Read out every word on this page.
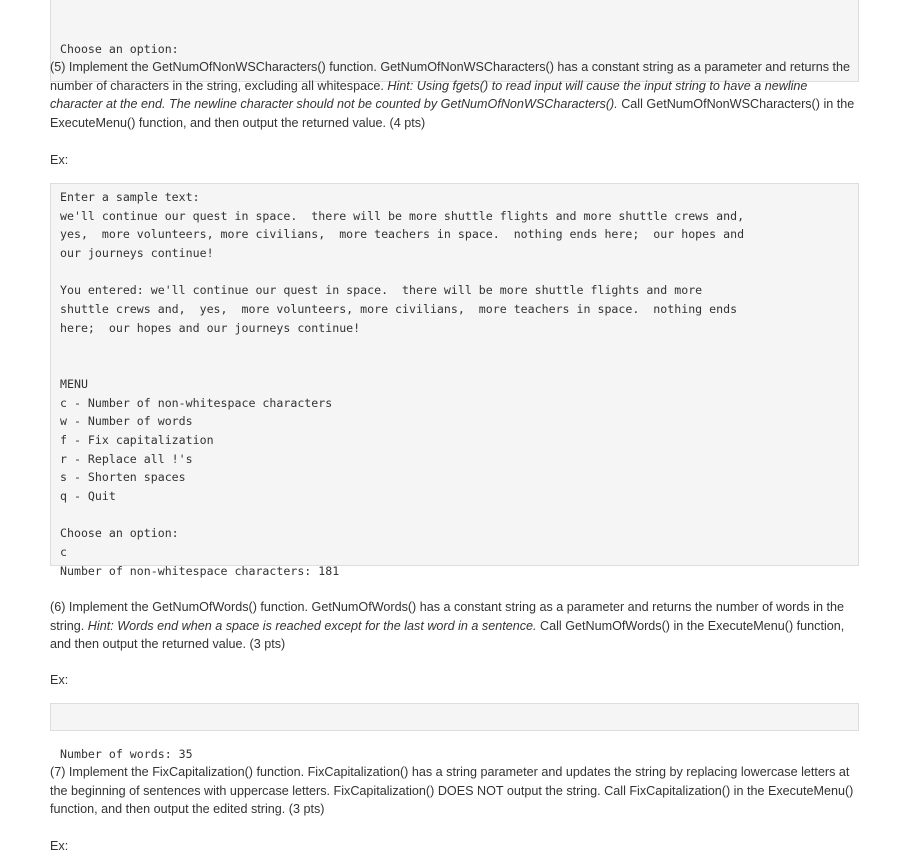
Choose an option:

(5) Implement the GetNumOfNonWSCharacters() function. GetNumOfNonWSCharacters() has a constant string as a parameter and returns the number of characters in the string, excluding all whitespace. Hint: Using fgets() to read input will cause the input string to have a newline character at the end. The newline character should not be counted by GetNumOfNonWSCharacters(). Call GetNumOfNonWSCharacters() in the ExecuteMenu() function, and then output the returned value. (4 pts)
Ex:
Enter a sample text:
we'll continue our quest in space.  there will be more shuttle flights and more shuttle crews and,
yes,  more volunteers, more civilians,  more teachers in space.  nothing ends here;  our hopes and
our journeys continue!
You entered: we'll continue our quest in space.  there will be more shuttle flights and more
shuttle crews and,  yes,  more volunteers, more civilians,  more teachers in space.  nothing ends
here;  our hopes and our journeys continue!
MENU
c - Number of non-whitespace characters
w - Number of words
f - Fix capitalization
r - Replace all !'s
s - Shorten spaces
q - Quit
Choose an option:
c
Number of non-whitespace characters: 181
(6) Implement the GetNumOfWords() function. GetNumOfWords() has a constant string as a parameter and returns the number of words in the string. Hint: Words end when a space is reached except for the last word in a sentence. Call GetNumOfWords() in the ExecuteMenu() function, and then output the returned value. (3 pts)
Ex:

Number of words: 35

(7) Implement the FixCapitalization() function. FixCapitalization() has a string parameter and updates the string by replacing lowercase letters at the beginning of sentences with uppercase letters. FixCapitalization() DOES NOT output the string. Call FixCapitalization() in the ExecuteMenu() function, and then output the edited string. (3 pts)
Ex:
